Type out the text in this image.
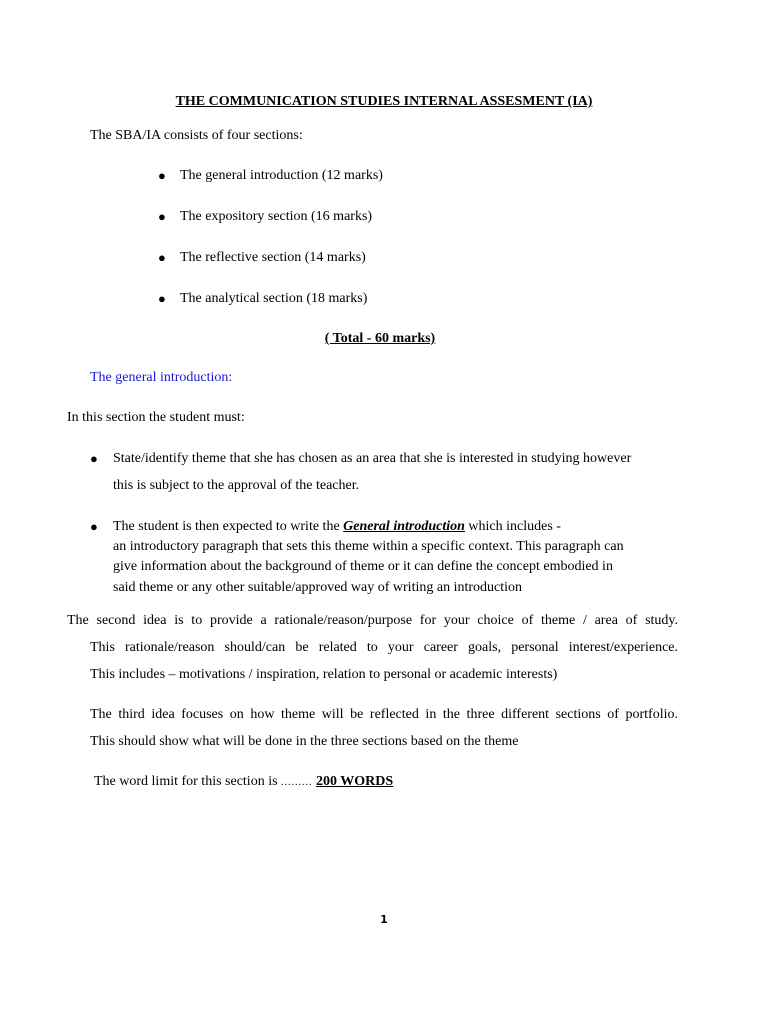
THE COMMUNICATION STUDIES INTERNAL ASSESMENT (IA)
The SBA/IA consists of four sections:
● The general introduction (12 marks)
● The expository section (16 marks)
● The reflective section (14 marks)
● The analytical section (18 marks)
( Total - 60 marks)
The general introduction:
In this section the student must:
● State/identify theme that she has chosen as an area that she is interested in studying however
this is subject to the approval of the teacher.
● The student is then expected to write the General introduction which includes -
an introductory paragraph that sets this theme within a specific context. This paragraph can
give information about the background of theme or it can define the concept embodied in
said theme or any other suitable/approved way of writing an introduction
The second idea is to provide a rationale/reason/purpose for your choice of theme / area of study.
This rationale/reason should/can be related to your career goals, personal interest/experience.
This includes – motivations / inspiration, relation to personal or academic interests)
The third idea focuses on how theme will be reflected in the three different sections of portfolio.
This should show what will be done in the three sections based on the theme
The word limit for this section is ......... 200 WORDS
1
